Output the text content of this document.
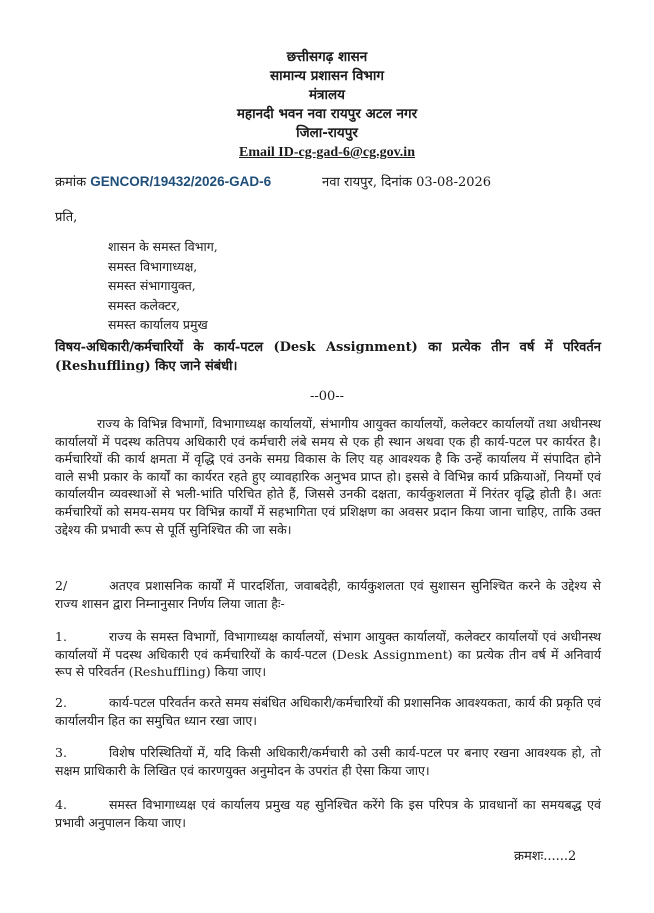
छत्तीसगढ़ शासन
सामान्य प्रशासन विभाग
मंत्रालय
महानदी भवन नवा रायपुर अटल नगर
जिला-रायपुर
Email ID-cg-gad-6@cg.gov.in
क्रमांक GENCOR/19432/2026-GAD-6	नवा रायपुर, दिनांक 03-08-2026
प्रति,
शासन के समस्त विभाग,
समस्त विभागाध्यक्ष,
समस्त संभागायुक्त,
समस्त कलेक्टर,
समस्त कार्यालय प्रमुख
विषय-अधिकारी/कर्मचारियों के कार्य-पटल (Desk Assignment) का प्रत्येक तीन वर्ष में परिवर्तन (Reshuffling) किए जाने संबंधी।
--00--
राज्य के विभिन्न विभागों, विभागाध्यक्ष कार्यालयों, संभागीय आयुक्त कार्यालयों, कलेक्टर कार्यालयों तथा अधीनस्थ कार्यालयों में पदस्थ कतिपय अधिकारी एवं कर्मचारी लंबे समय से एक ही स्थान अथवा एक ही कार्य-पटल पर कार्यरत है। कर्मचारियों की कार्य क्षमता में वृद्धि एवं उनके समग्र विकास के लिए यह आवश्यक है कि उन्हें कार्यालय में संपादित होने वाले सभी प्रकार के कार्यों का कार्यरत रहते हुए व्यावहारिक अनुभव प्राप्त हो। इससे वे विभिन्न कार्य प्रक्रियाओं, नियमों एवं कार्यालयीन व्यवस्थाओं से भली-भांति परिचित होते हैं, जिससे उनकी दक्षता, कार्यकुशलता में निरंतर वृद्धि होती है। अतः कर्मचारियों को समय-समय पर विभिन्न कार्यों में सहभागिता एवं प्रशिक्षण का अवसर प्रदान किया जाना चाहिए, ताकि उक्त उद्देश्य की प्रभावी रूप से पूर्ति सुनिश्चित की जा सके।
2/	अतएव प्रशासनिक कार्यों में पारदर्शिता, जवाबदेही, कार्यकुशलता एवं सुशासन सुनिश्चित करने के उद्देश्य से राज्य शासन द्वारा निम्नानुसार निर्णय लिया जाता हैः-
1.	राज्य के समस्त विभागों, विभागाध्यक्ष कार्यालयों, संभाग आयुक्त कार्यालयों, कलेक्टर कार्यालयों एवं अधीनस्थ कार्यालयों में पदस्थ अधिकारी एवं कर्मचारियों के कार्य-पटल (Desk Assignment) का प्रत्येक तीन वर्ष में अनिवार्य रूप से परिवर्तन (Reshuffling) किया जाए।
2.	कार्य-पटल परिवर्तन करते समय संबंधित अधिकारी/कर्मचारियों की प्रशासनिक आवश्यकता, कार्य की प्रकृति एवं कार्यालयीन हित का समुचित ध्यान रखा जाए।
3.	विशेष परिस्थितियों में, यदि किसी अधिकारी/कर्मचारी को उसी कार्य-पटल पर बनाए रखना आवश्यक हो, तो सक्षम प्राधिकारी के लिखित एवं कारणयुक्त अनुमोदन के उपरांत ही ऐसा किया जाए।
4.	समस्त विभागाध्यक्ष एवं कार्यालय प्रमुख यह सुनिश्चित करेंगे कि इस परिपत्र के प्रावधानों का समयबद्ध एवं प्रभावी अनुपालन किया जाए।
क्रमशः......2
